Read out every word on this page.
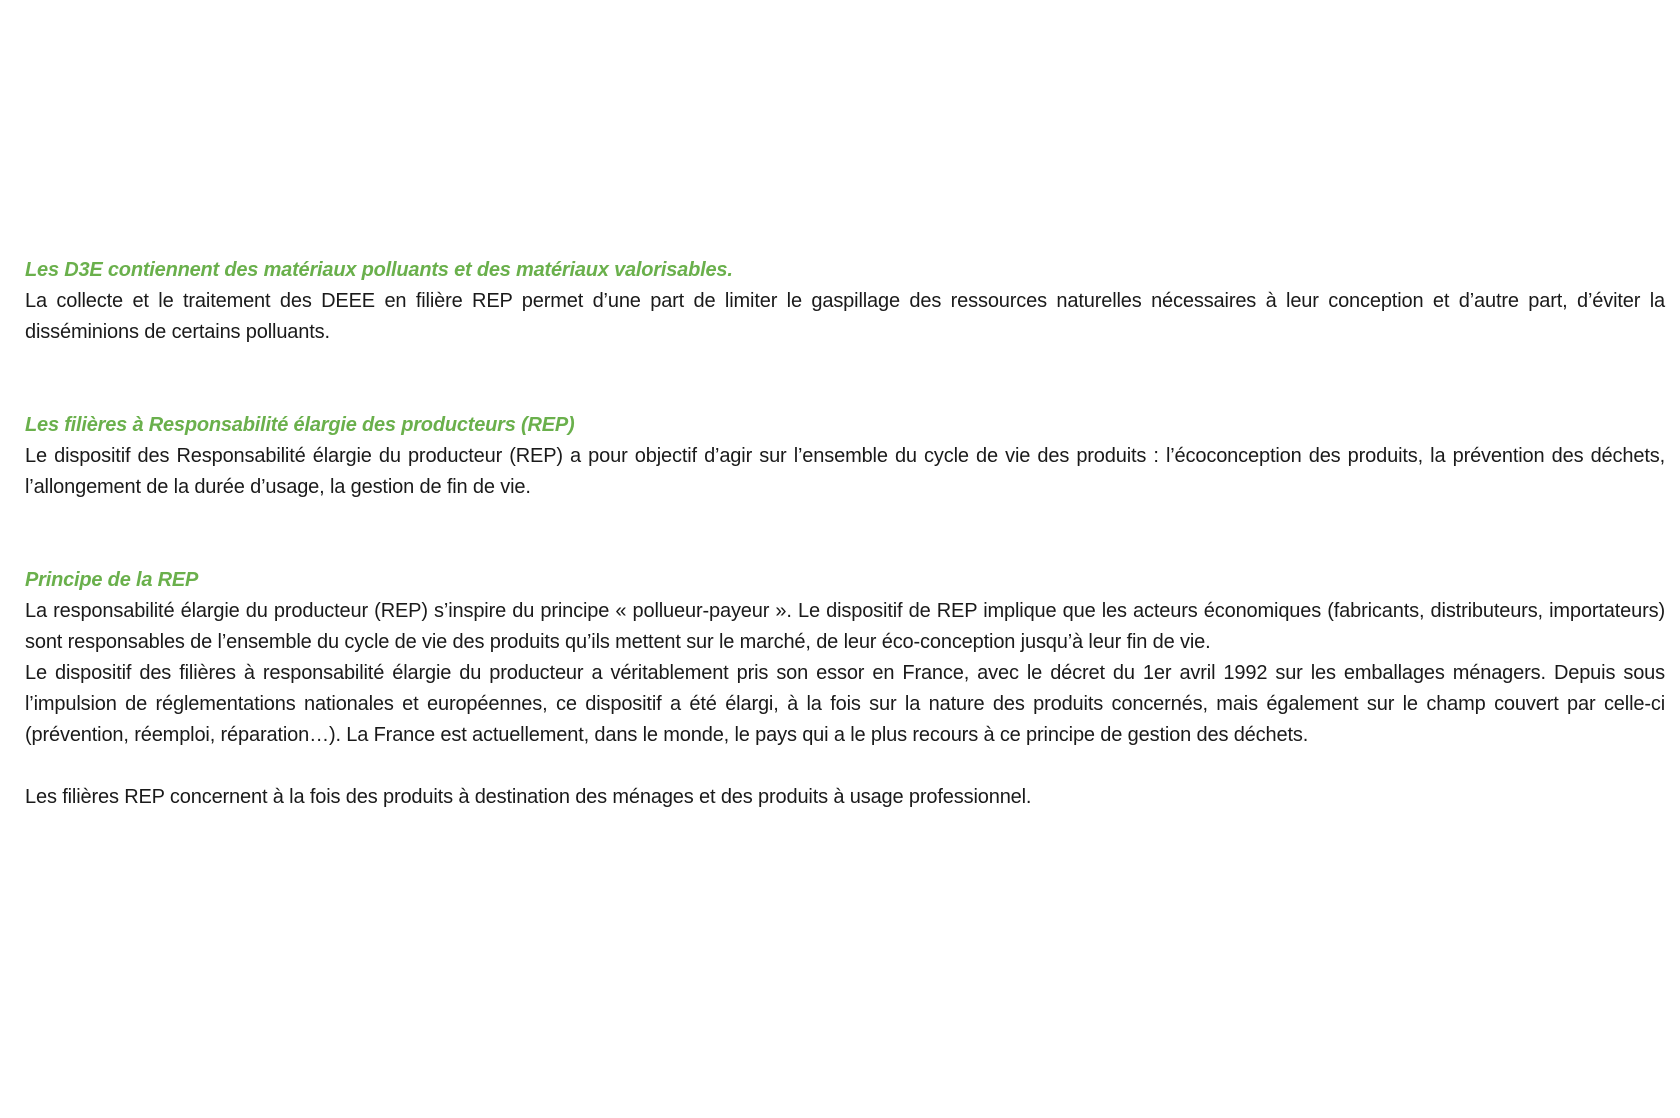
Les D3E contiennent des matériaux polluants et des matériaux valorisables.

La collecte et le traitement des DEEE en filière REP permet d’une part de limiter le gaspillage des ressources naturelles nécessaires à leur conception et d’autre part, d’éviter la disséminions de certains polluants.

Les filières à Responsabilité élargie des producteurs (REP)

Le dispositif des Responsabilité élargie du producteur (REP) a pour objectif d’agir sur l’ensemble du cycle de vie des produits : l’écoconception des produits, la prévention des déchets, l’allongement de la durée d’usage, la gestion de fin de vie.

Principe de la REP

La responsabilité élargie du producteur (REP) s’inspire du principe « pollueur-payeur ». Le dispositif de REP implique que les acteurs économiques (fabricants, distributeurs, importateurs) sont responsables de l’ensemble du cycle de vie des produits qu’ils mettent sur le marché, de leur éco-conception jusqu’à leur fin de vie.

Le dispositif des filières à responsabilité élargie du producteur a véritablement pris son essor en France, avec le décret du 1er avril 1992 sur les emballages ménagers. Depuis sous l’impulsion de réglementations nationales et européennes, ce dispositif a été élargi, à la fois sur la nature des produits concernés, mais également sur le champ couvert par celle-ci (prévention, réemploi, réparation…). La France est actuellement, dans le monde, le pays qui a le plus recours à ce principe de gestion des déchets.

Les filières REP concernent à la fois des produits à destination des ménages et des produits à usage professionnel.
